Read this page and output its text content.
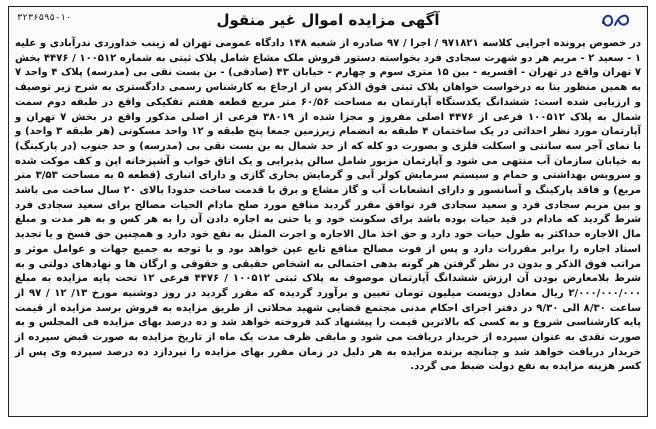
۳۲۳۶۵۹۵-۱۰	آگهی مزایده اموال غیر منقول
در خصوص پرونده اجرایی کلاسه ۹۷۱۸۲۱ / اجرا / ۹۷ صادره از شعبه ۱۴۸ دادگاه عمومی تهران له زینب خداوردی ندرآبادی و علیه ۱ - سعید ۲ - مریم هر دو شهرت سجادی فرد بخواسته دستور فروش ملک مشاع شامل پلاک ثبتی به شماره ۱۰۰۵۱۲ / ۴۴۷۶ بخش ۷ تهران واقع در تهران - اقسریه - بین ۱۵ متری سوم و چهارم - خیابان ۴۳ (صادقی) - بن بست نقی بی (مدرسه) پلاک ۴ واحد ۷ به همین منظور بنا به درخواست خواهان پلاک ثبتی فوق الذکر پس از ارجاع به کارشناس رسمی دادگستری به شرح زیر توصیف و ارزیابی شده است: ششدانگ یکدستگاه آپارتمان به مساحت ۶۰/۵۶ متر مربع قطعه هفتم تفکیکی واقع در طبقه دوم سمت شمال به پلاک ۱۰۰۵۱۲ فرعی از ۴۴۷۶ اصلی مفروز و مجزا شده از ۳۸۰۱۹ فرعی از اصلی مذکور واقع در بخش ۷ تهران و آپارتمان مورد نظر احداثی در یک ساختمان ۴ طبقه به انضمام زیرزمین جمعا پنج طبقه و ۱۲ واحد مسکونی (هر طبقه ۳ واحد) و با نمای آجر سه سانتی و اسکلت فلزی و بصورت دو کله که از حد شمال به بن بست نقی بی (مدرسه) و حد جنوب (در پارکینگ) به خیابان سازمان آب منتهی می شود و آپارتمان مزبور شامل سالن پذیرایی و یک اتاق خواب و آشپزخانه اپن و کف موکت شده و سرویس بهداشتی و حمام و سیستم سرمایش کولر آبی و گرمایش بخاری گازی و دارای انباری (قطعه ۵ به مساحت ۳/۵۳ متر مربع) و فاقد پارکینگ و آسانسور و دارای انشعابات آب و گاز مشاع و برق با قدمت ساخت حدودا بالای ۲۰ سال ساخت می باشد و بین مریم سجادی فرد و سعید سجادی فرد توافق مقرر گردید منافع مورد صلح مادام الحیات مصالح برای سعید سجادی فرد شرط گردید که مادام در قید حیات بوده باشد برای سکونت خود و یا حتی به اجاره دادن آن را به هر کس و به هر مدت و مبلغ مال الاجاره حداکثر به طول حیات خود دارد و حق اخذ مال الاجاره و اجرت المثل به نفع خود دارد و همچنین حق فسخ و یا تجدید اسناد اجاره را برابر مقررات دارد و پس از فوت مصالح منافع تابع عین خواهد بود و با توجه به جمیع جهات و عوامل موثر و مراتب فوق الذکر و بدون در نظر گرفتن هر گونه بدهی احتمالی به اشخاص حقیقی و حقوقی و ارگان ها و نهادهای دولتی و به شرط بلامعارض بودن آن ارزش ششدانگ آپارتمان موصوف به پلاک ثبتی ۱۰۰۵۱۲ / ۴۴۷۶ فرعی ۱۲ تحت پایه مزایده به مبلغ ۲/۰۰۰/۰۰۰/۰۰۰ ریال معادل دویست میلیون تومان تعیین و برآورد گردیده که مقرر گردید در روز دوشنبه مورخ ۱۳/ ۱۲ / ۹۷ از ساعت ۸/۳۰ الی ۹/۳۰ در دفتر اجرای احکام مدنی مجتمع قضایی شهید محلاتی از طریق مزایده به فروش برسد مزایده از قیمت پایه کارشناسی شروع و به کسی که بالاترین قیمت را پیشنهاد کند فروخته خواهد شد و ده درصد بهای مزایده فی المجلس و به صورت نقدی به عنوان سپرده از خریدار دریافت می شود و مابقی ظرف مدت یک ماه از تاریخ مزایده به صورت قبض سپرده از خریدار دریافت خواهد شد و چنانچه برنده مزایده به هر دلیل در زمان مقرر بهای مزایده را نپردازد ده درصد سپرده وی پس از کسر هزینه مزایده به نفع دولت ضبط می گردد.
